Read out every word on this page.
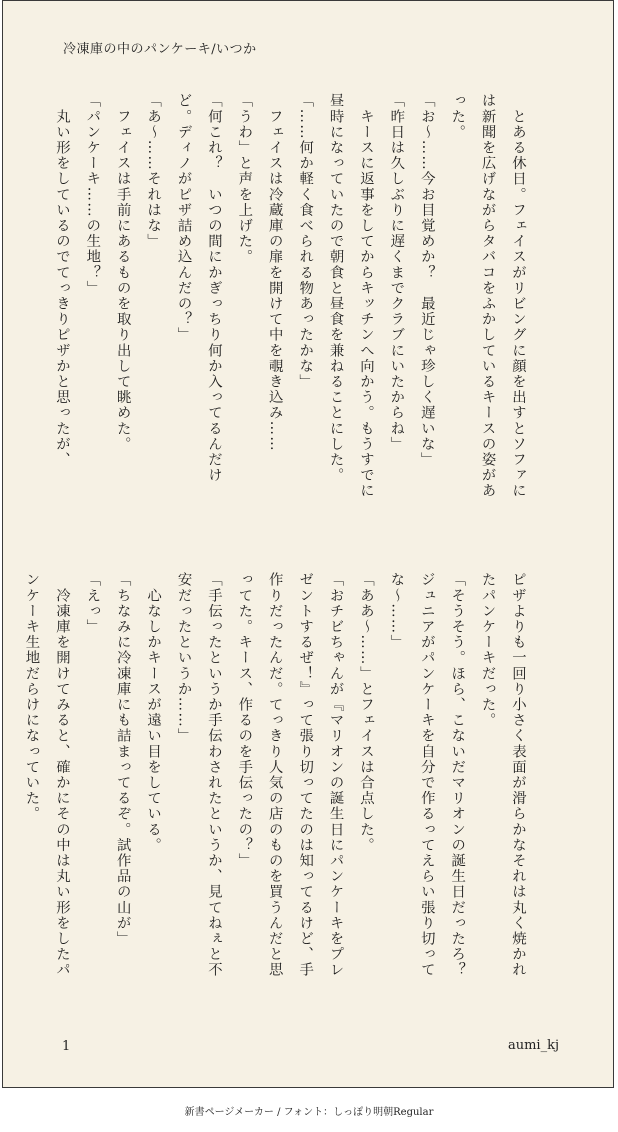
冷凍庫の中のパンケーキ/いつか

　とある休日。フェイスがリビングに顔を出すとソファには新聞を広げながらタバコをふかしているキースの姿があった。

「お～……今お目覚めか？　最近じゃ珍しく遅いな」

「昨日は久しぶりに遅くまでクラブにいたからね」

　キースに返事をしてからキッチンへ向かう。もうすでに昼時になっていたので朝食と昼食を兼ねることにした。

「……何か軽く食べられる物あったかな」

　フェイスは冷蔵庫の扉を開けて中を覗き込み……

「うわ」と声を上げた。

「何これ？　いつの間にかぎっちり何か入ってるんだけど。ディノがピザ詰め込んだの？」

「あ～……それはな」

　フェイスは手前にあるものを取り出して眺めた。

「パンケーキ……の生地？」

　丸い形をしているのでてっきりピザかと思ったが、

ピザよりも一回り小さく表面が滑らかなそれは丸く焼かれたパンケーキだった。

「そうそう。ほら、こないだマリオンの誕生日だったろ？　ジュニアがパンケーキを自分で作るってえらい張り切ってな～……」

「ああ～……」とフェイスは合点した。

「おチビちゃんが『マリオンの誕生日にパンケーキをプレゼントするぜ！』って張り切ってたのは知ってるけど、手作りだったんだ。てっきり人気の店のものを買うんだと思ってた。キース、作るのを手伝ったの？」

「手伝ったというか手伝わされたというか、見てねぇと不安だったというか……」

　心なしかキースが遠い目をしている。

「ちなみに冷凍庫にも詰まってるぞ。試作品の山が」

「えっ」

　冷凍庫を開けてみると、確かにその中は丸い形をしたパンケーキ生地だらけになっていた。

1	aumi_kj
新書ページメーカー / フォント：しっぽり明朝Regular
